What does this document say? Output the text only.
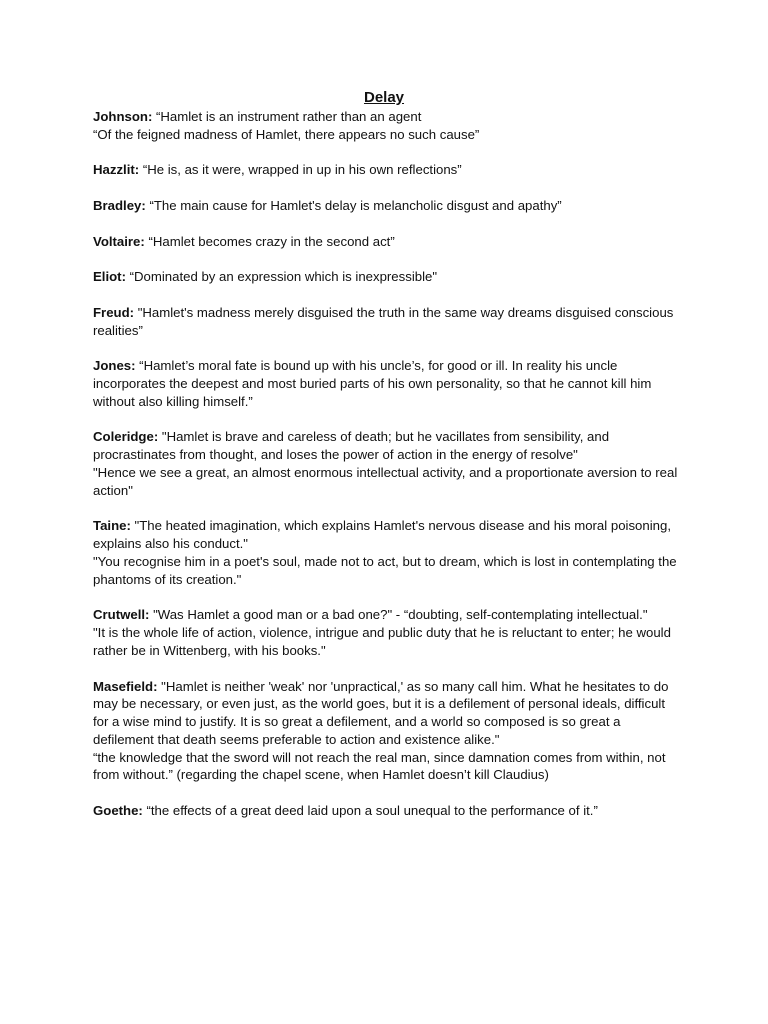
Delay

Johnson: “Hamlet is an instrument rather than an agent

“Of the feigned madness of Hamlet, there appears no such cause”

Hazzlit: “He is, as it were, wrapped in up in his own reflections”

Bradley: “The main cause for Hamlet's delay is melancholic disgust and apathy”

Voltaire: “Hamlet becomes crazy in the second act”

Eliot: “Dominated by an expression which is inexpressible"

Freud: "Hamlet's madness merely disguised the truth in the same way dreams disguised conscious realities”

Jones: “Hamlet’s moral fate is bound up with his uncle’s, for good or ill. In reality his uncle incorporates the deepest and most buried parts of his own personality, so that he cannot kill him without also killing himself.”

Coleridge: "Hamlet is brave and careless of death; but he vacillates from sensibility, and procrastinates from thought, and loses the power of action in the energy of resolve"

"Hence we see a great, an almost enormous intellectual activity, and a proportionate aversion to real action"

Taine: "The heated imagination, which explains Hamlet's nervous disease and his moral poisoning, explains also his conduct."

"You recognise him in a poet's soul, made not to act, but to dream, which is lost in contemplating the phantoms of its creation."

Crutwell: "Was Hamlet a good man or a bad one?" - “doubting, self-contemplating intellectual."

"It is the whole life of action, violence, intrigue and public duty that he is reluctant to enter; he would rather be in Wittenberg, with his books."

Masefield: "Hamlet is neither 'weak' nor 'unpractical,' as so many call him. What he hesitates to do may be necessary, or even just, as the world goes, but it is a defilement of personal ideals, difficult for a wise mind to justify. It is so great a defilement, and a world so composed is so great a defilement that death seems preferable to action and existence alike."

“the knowledge that the sword will not reach the real man, since damnation comes from within, not from without.” (regarding the chapel scene, when Hamlet doesn’t kill Claudius)

Goethe: “the effects of a great deed laid upon a soul unequal to the performance of it.”
